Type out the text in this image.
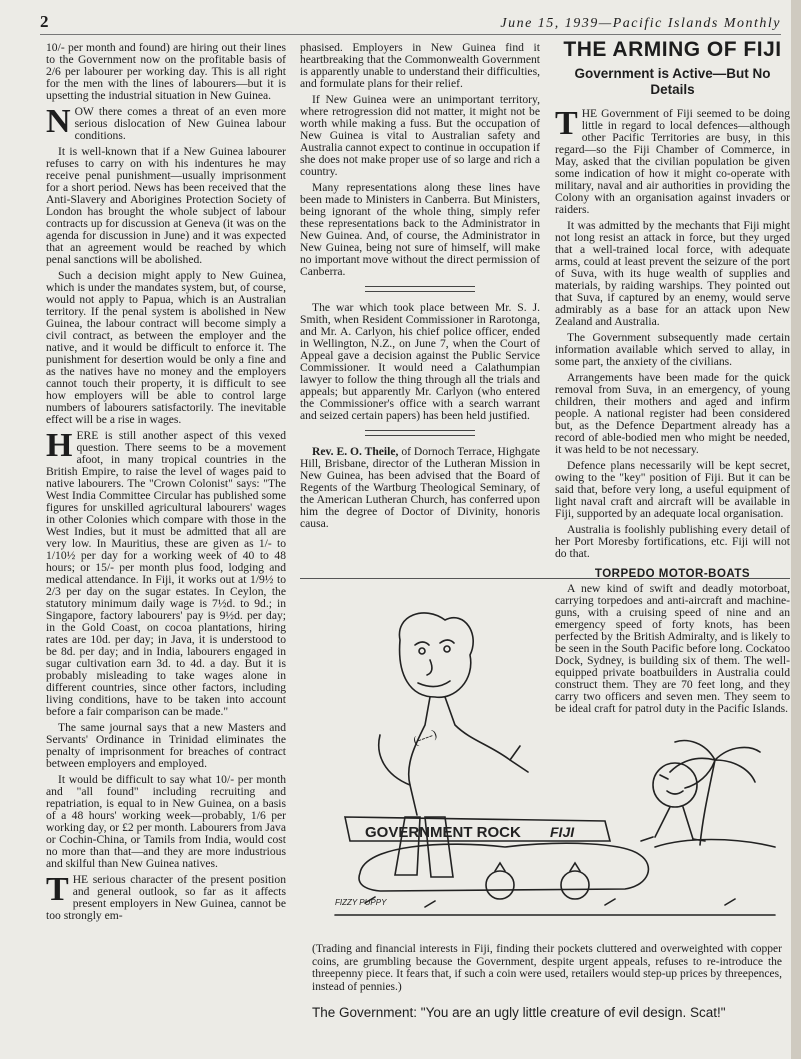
2	June 15, 1939—Pacific Islands Monthly

10/- per month and found) are hiring out their lines to the Government now on the profitable basis of 2/6 per labourer per working day. This is all right for the men with the lines of labourers—but it is upsetting the industrial situation in New Guinea.

NOW there comes a threat of an even more serious dislocation of New Guinea labour conditions.

It is well-known that if a New Guinea labourer refuses to carry on with his indentures he may receive penal punishment—usually imprisonment for a short period. News has been received that the Anti-Slavery and Aborigines Protection Society of London has brought the whole subject of labour contracts up for discussion at Geneva (it was on the agenda for discussion in June) and it was expected that an agreement would be reached by which penal sanctions will be abolished.

Such a decision might apply to New Guinea, which is under the mandates system, but, of course, would not apply to Papua, which is an Australian territory. If the penal system is abolished in New Guinea, the labour contract will become simply a civil contract, as between the employer and the native, and it would be difficult to enforce it. The punishment for desertion would be only a fine and as the natives have no money and the employers cannot touch their property, it is difficult to see how employers will be able to control large numbers of labourers satisfactorily. The inevitable effect will be a rise in wages.

HERE is still another aspect of this vexed question. There seems to be a movement afoot, in many tropical countries in the British Empire, to raise the level of wages paid to native labourers. The "Crown Colonist" says: "The West India Committee Circular has published some figures for unskilled agricultural labourers' wages in other Colonies which compare with those in the West Indies, but it must be admitted that all are very low. In Mauritius, these are given as 1/- to 1/10½ per day for a working week of 40 to 48 hours; or 15/- per month plus food, lodging and medical attendance. In Fiji, it works out at 1/9½ to 2/3 per day on the sugar estates. In Ceylon, the statutory minimum daily wage is 7½d. to 9d.; in Singapore, factory labourers' pay is 9½d. per day; in the Gold Coast, on cocoa plantations, hiring rates are 10d. per day; in Java, it is understood to be 8d. per day; and in India, labourers engaged in sugar cultivation earn 3d. to 4d. a day. But it is probably misleading to take wages alone in different countries, since other factors, including living conditions, have to be taken into account before a fair comparison can be made."

The same journal says that a new Masters and Servants' Ordinance in Trinidad eliminates the penalty of imprisonment for breaches of contract between employers and employed.

It would be difficult to say what 10/- per month and "all found" including recruiting and repatriation, is equal to in New Guinea, on a basis of a 48 hours' working week—probably, 1/6 per working day, or £2 per month. Labourers from Java or Cochin-China, or Tamils from India, would cost no more than that—and they are more industrious and skilful than New Guinea natives.

THE serious character of the present position and general outlook, so far as it affects present employers in New Guinea, cannot be too strongly em-

phasised. Employers in New Guinea find it heartbreaking that the Commonwealth Government is apparently unable to understand their difficulties, and formulate plans for their relief.

If New Guinea were an unimportant territory, where retrogression did not matter, it might not be worth while making a fuss. But the occupation of New Guinea is vital to Australian safety and Australia cannot expect to continue in occupation if she does not make proper use of so large and rich a country.

Many representations along these lines have been made to Ministers in Canberra. But Ministers, being ignorant of the whole thing, simply refer these representations back to the Administrator in New Guinea. And, of course, the Administrator in New Guinea, being not sure of himself, will make no important move without the direct permission of Canberra.

The war which took place between Mr. S. J. Smith, when Resident Commissioner in Rarotonga, and Mr. A. Carlyon, his chief police officer, ended in Wellington, N.Z., on June 7, when the Court of Appeal gave a decision against the Public Service Commissioner. It would need a Calathumpian lawyer to follow the thing through all the trials and appeals; but apparently Mr. Carlyon (who entered the Commissioner's office with a search warrant and seized certain papers) has been held justified.

Rev. E. O. Theile, of Dornoch Terrace, Highgate Hill, Brisbane, director of the Lutheran Mission in New Guinea, has been advised that the Board of Regents of the Wartburg Theological Seminary, of the American Lutheran Church, has conferred upon him the degree of Doctor of Divinity, honoris causa.

THE ARMING OF FIJI
Government is Active—But No Details

THE Government of Fiji seemed to be doing little in regard to local defences—although other Pacific Territories are busy, in this regard—so the Fiji Chamber of Commerce, in May, asked that the civilian population be given some indication of how it might co-operate with military, naval and air authorities in providing the Colony with an organisation against invaders or raiders.

It was admitted by the mechants that Fiji might not long resist an attack in force, but they urged that a well-trained local force, with adequate arms, could at least prevent the seizure of the port of Suva, with its huge wealth of supplies and materials, by raiding warships. They pointed out that Suva, if captured by an enemy, would serve admirably as a base for an attack upon New Zealand and Australia.

The Government subsequently made certain information available which served to allay, in some part, the anxiety of the civilians.

Arrangements have been made for the quick removal from Suva, in an emergency, of young children, their mothers and aged and infirm people. A national register had been considered but, as the Defence Department already has a record of able-bodied men who might be needed, it was held to be not necessary.

Defence plans necessarily will be kept secret, owing to the "key" position of Fiji. But it can be said that, before very long, a useful equipment of light naval craft and aircraft will be available in Fiji, supported by an adequate local organisation.

Australia is foolishly publishing every detail of her Port Moresby fortifications, etc. Fiji will not do that.

TORPEDO MOTOR-BOATS

A new kind of swift and deadly motorboat, carrying torpedoes and anti-aircraft and machine-guns, with a cruising speed of nine and an emergency speed of forty knots, has been perfected by the British Admiralty, and is likely to be seen in the South Pacific before long. Cockatoo Dock, Sydney, is building six of them. The well-equipped private boatbuilders in Australia could construct them. They are 70 feet long, and they carry two officers and seven men. They seem to be ideal craft for patrol duty in the Pacific Islands.

(----)
GOVERNMENT ROCK FIJI
FIZZY PUPPY
(Trading and financial interests in Fiji, finding their pockets cluttered and overweighted with copper coins, are grumbling because the Government, despite urgent appeals, refuses to re-introduce the threepenny piece. It fears that, if such a coin were used, retailers would step-up prices by threepences, instead of pennies.)
The Government: "You are an ugly little creature of evil design. Scat!"
